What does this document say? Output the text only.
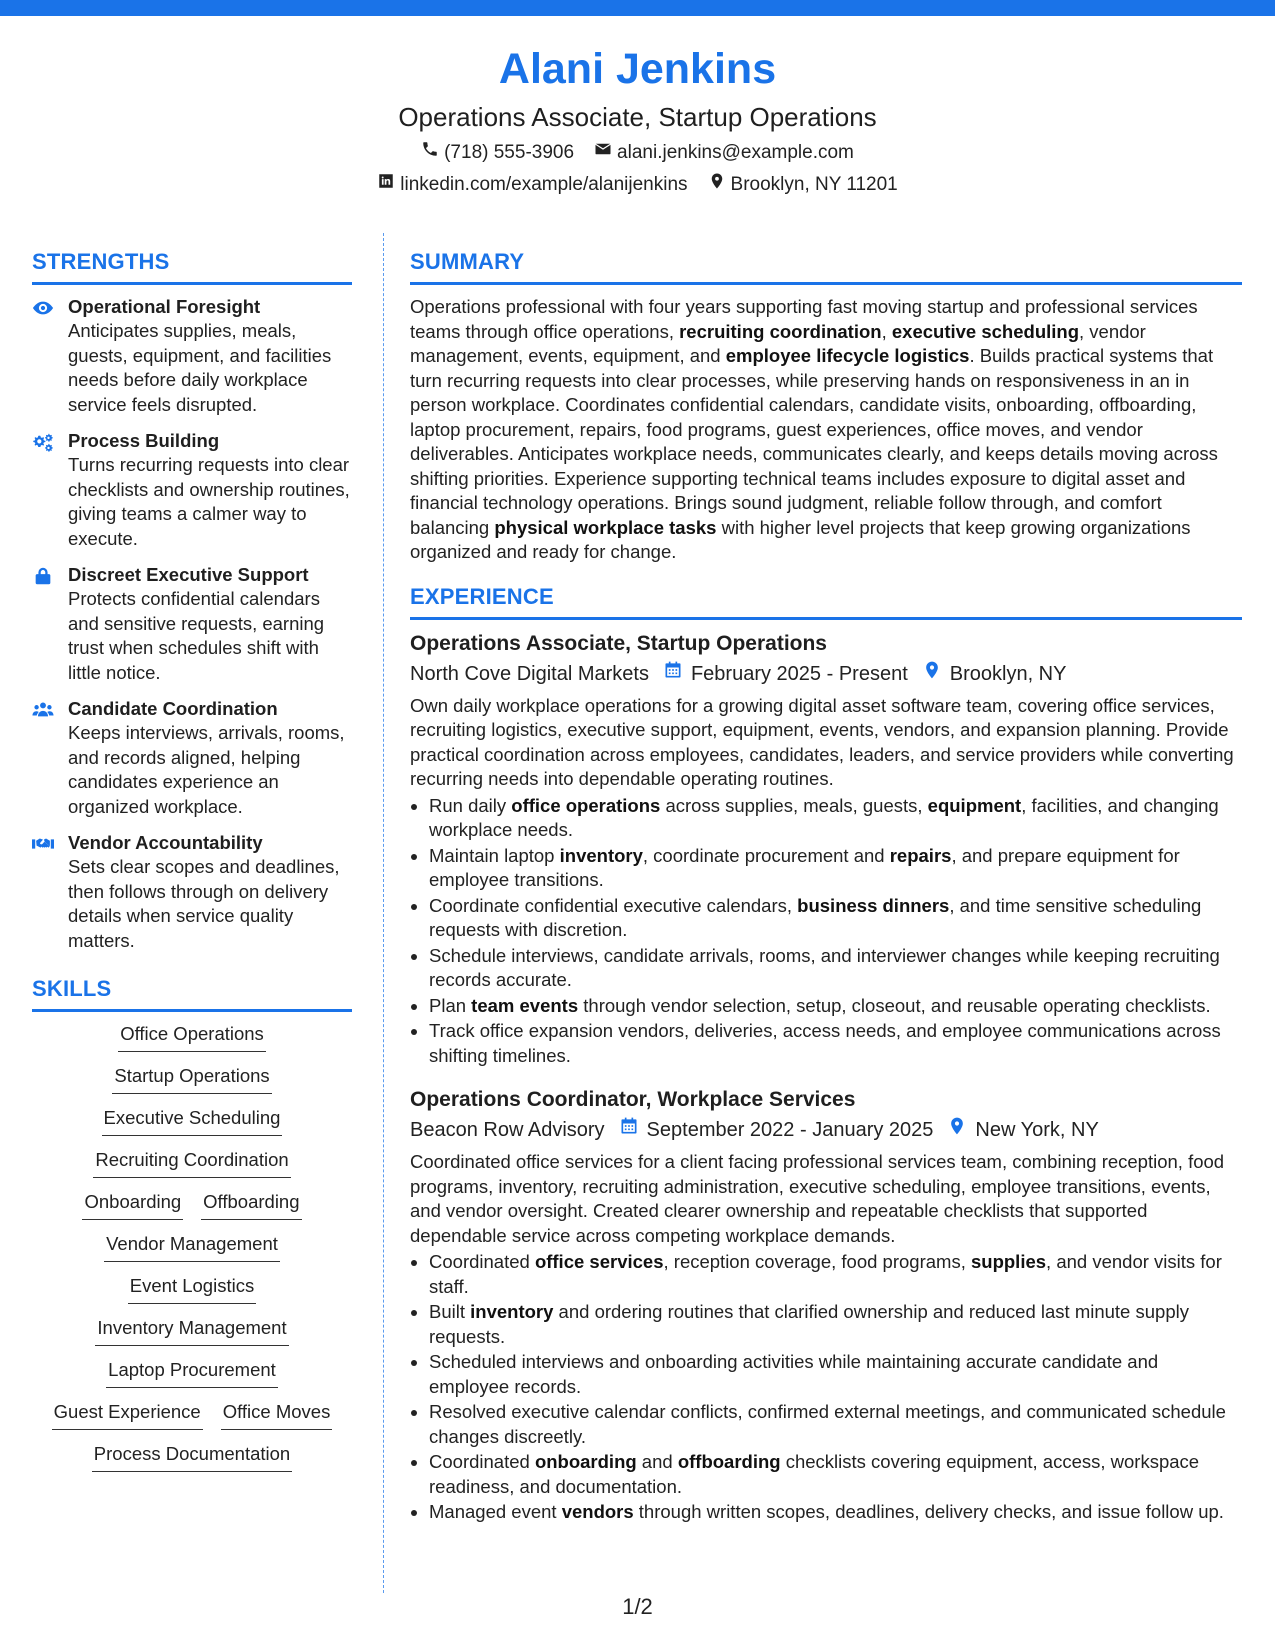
Alani Jenkins
Operations Associate, Startup Operations
(718) 555-3906 alani.jenkins@example.com
linkedin.com/example/alanijenkins Brooklyn, NY 11201
STRENGTHS
Operational Foresight
Anticipates supplies, meals, guests, equipment, and facilities needs before daily workplace service feels disrupted.
Process Building
Turns recurring requests into clear checklists and ownership routines, giving teams a calmer way to execute.
Discreet Executive Support
Protects confidential calendars and sensitive requests, earning trust when schedules shift with little notice.
Candidate Coordination
Keeps interviews, arrivals, rooms, and records aligned, helping candidates experience an organized workplace.
Vendor Accountability
Sets clear scopes and deadlines, then follows through on delivery details when service quality matters.
SKILLS
Office Operations
Startup Operations
Executive Scheduling
Recruiting Coordination
Onboarding Offboarding
Vendor Management
Event Logistics
Inventory Management
Laptop Procurement
Guest Experience Office Moves
Process Documentation
SUMMARY
Operations professional with four years supporting fast moving startup and professional services teams through office operations, recruiting coordination, executive scheduling, vendor management, events, equipment, and employee lifecycle logistics. Builds practical systems that turn recurring requests into clear processes, while preserving hands on responsiveness in an in person workplace. Coordinates confidential calendars, candidate visits, onboarding, offboarding, laptop procurement, repairs, food programs, guest experiences, office moves, and vendor deliverables. Anticipates workplace needs, communicates clearly, and keeps details moving across shifting priorities. Experience supporting technical teams includes exposure to digital asset and financial technology operations. Brings sound judgment, reliable follow through, and comfort balancing physical workplace tasks with higher level projects that keep growing organizations organized and ready for change.
EXPERIENCE
Operations Associate, Startup Operations
North Cove Digital Markets February 2025 - Present Brooklyn, NY
Own daily workplace operations for a growing digital asset software team, covering office services, recruiting logistics, executive support, equipment, events, vendors, and expansion planning. Provide practical coordination across employees, candidates, leaders, and service providers while converting recurring needs into dependable operating routines.
• Run daily office operations across supplies, meals, guests, equipment, facilities, and changing workplace needs.
• Maintain laptop inventory, coordinate procurement and repairs, and prepare equipment for employee transitions.
• Coordinate confidential executive calendars, business dinners, and time sensitive scheduling requests with discretion.
• Schedule interviews, candidate arrivals, rooms, and interviewer changes while keeping recruiting records accurate.
• Plan team events through vendor selection, setup, closeout, and reusable operating checklists.
• Track office expansion vendors, deliveries, access needs, and employee communications across shifting timelines.
Operations Coordinator, Workplace Services
Beacon Row Advisory September 2022 - January 2025 New York, NY
Coordinated office services for a client facing professional services team, combining reception, food programs, inventory, recruiting administration, executive scheduling, employee transitions, events, and vendor oversight. Created clearer ownership and repeatable checklists that supported dependable service across competing workplace demands.
• Coordinated office services, reception coverage, food programs, supplies, and vendor visits for staff.
• Built inventory and ordering routines that clarified ownership and reduced last minute supply requests.
• Scheduled interviews and onboarding activities while maintaining accurate candidate and employee records.
• Resolved executive calendar conflicts, confirmed external meetings, and communicated schedule changes discreetly.
• Coordinated onboarding and offboarding checklists covering equipment, access, workspace readiness, and documentation.
• Managed event vendors through written scopes, deadlines, delivery checks, and issue follow up.
1/2
